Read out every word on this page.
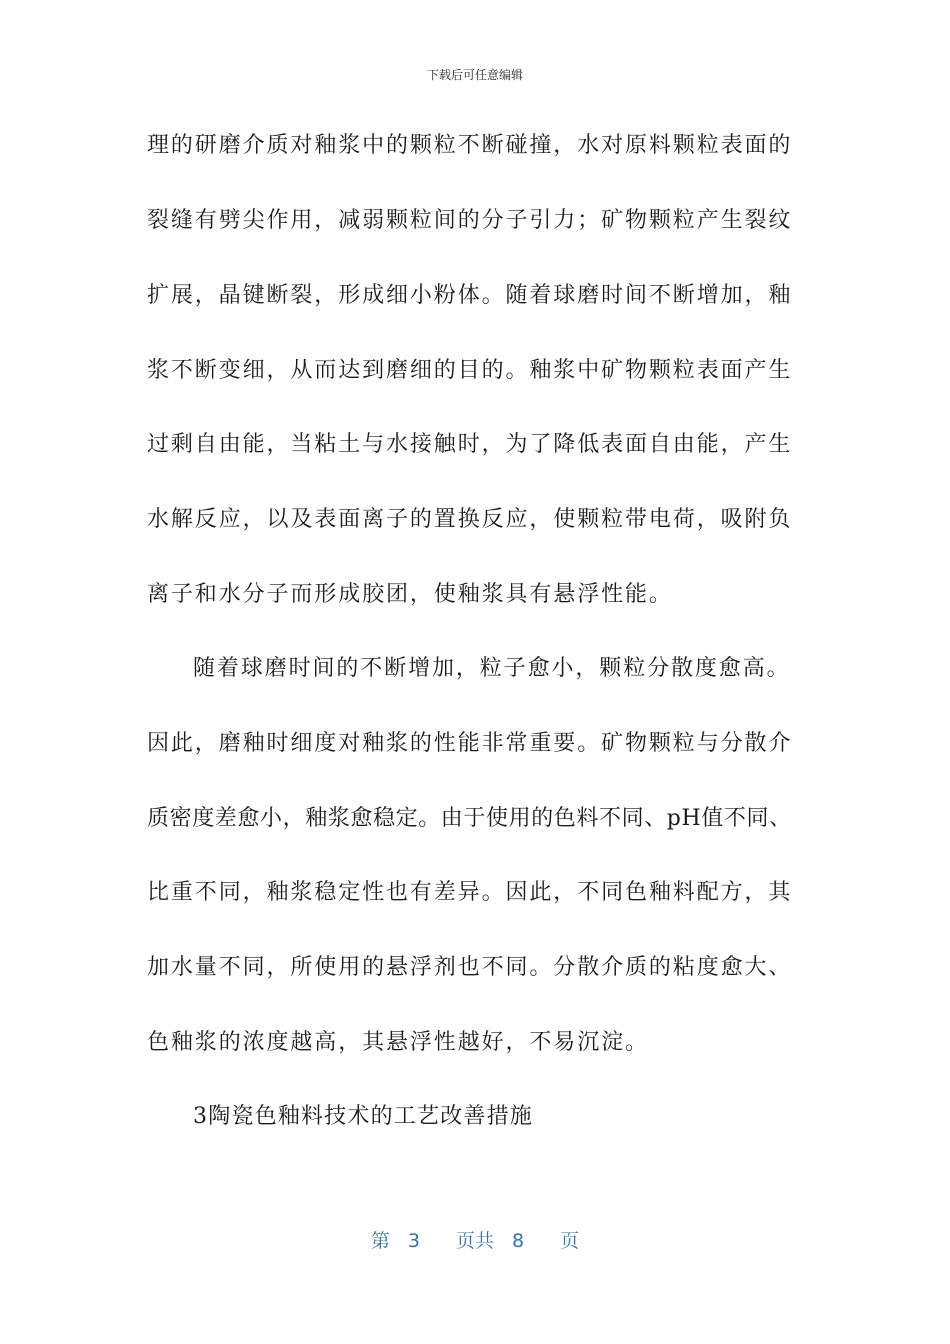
下载后可任意编辑
理的研磨介质对釉浆中的颗粒不断碰撞，水对原料颗粒表面的
裂缝有劈尖作用，减弱颗粒间的分子引力；矿物颗粒产生裂纹
扩展，晶键断裂，形成细小粉体。随着球磨时间不断增加，釉
浆不断变细，从而达到磨细的目的。釉浆中矿物颗粒表面产生
过剩自由能，当粘土与水接触时，为了降低表面自由能，产生
水解反应，以及表面离子的置换反应，使颗粒带电荷，吸附负
离子和水分子而形成胶团，使釉浆具有悬浮性能。
随着球磨时间的不断增加，粒子愈小，颗粒分散度愈高。
因此，磨釉时细度对釉浆的性能非常重要。矿物颗粒与分散介
质密度差愈小，釉浆愈稳定。由于使用的色料不同、pH值不同、
比重不同，釉浆稳定性也有差异。因此，不同色釉料配方，其
加水量不同，所使用的悬浮剂也不同。分散介质的粘度愈大、
色釉浆的浓度越高，其悬浮性越好，不易沉淀。
3陶瓷色釉料技术的工艺改善措施
第 3 页共 8 页
